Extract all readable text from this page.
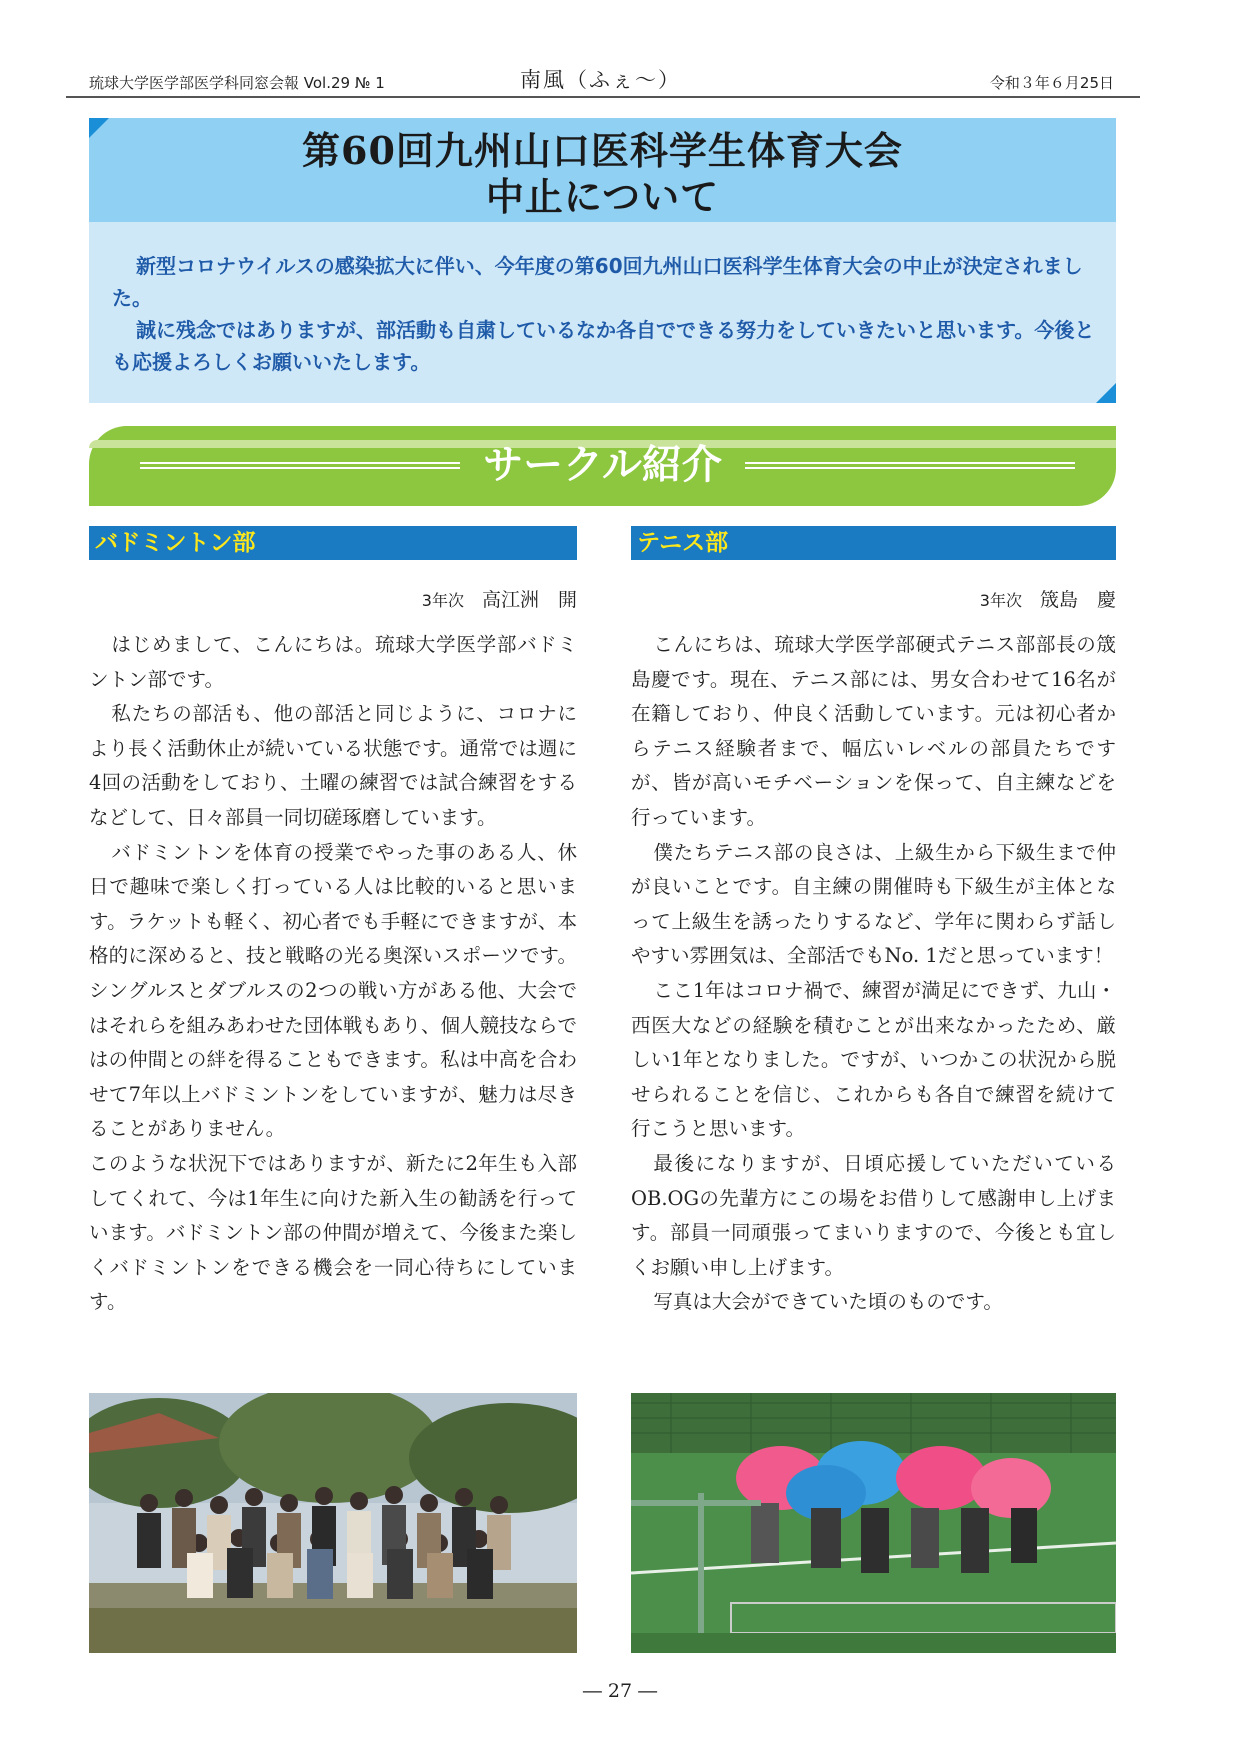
琉球大学医学部医学科同窓会報 Vol.29 № 1	南風（ふぇ〜）	令和３年６月25日
第60回九州山口医科学生体育大会
中止について

新型コロナウイルスの感染拡大に伴い、今年度の第60回九州山口医科学生体育大会の中止が決定されました。

誠に残念ではありますが、部活動も自粛しているなか各自でできる努力をしていきたいと思います。今後とも応援よろしくお願いいたします。

サークル紹介
バドミントン部
3年次 高江洲　開

はじめまして、こんにちは。琉球大学医学部バドミントン部です。

私たちの部活も、他の部活と同じように、コロナにより長く活動休止が続いている状態です。通常では週に4回の活動をしており、土曜の練習では試合練習をするなどして、日々部員一同切磋琢磨しています。

バドミントンを体育の授業でやった事のある人、休日で趣味で楽しく打っている人は比較的いると思います。ラケットも軽く、初心者でも手軽にできますが、本格的に深めると、技と戦略の光る奥深いスポーツです。シングルスとダブルスの2つの戦い方がある他、大会ではそれらを組みあわせた団体戦もあり、個人競技ならではの仲間との絆を得ることもできます。私は中高を合わせて7年以上バドミントンをしていますが、魅力は尽きることがありません。

このような状況下ではありますが、新たに2年生も入部してくれて、今は1年生に向けた新入生の勧誘を行っています。バドミントン部の仲間が増えて、今後また楽しくバドミントンをできる機会を一同心待ちにしています。

テニス部
3年次 筬島　慶

こんにちは、琉球大学医学部硬式テニス部部長の筬島慶です。現在、テニス部には、男女合わせて16名が在籍しており、仲良く活動しています。元は初心者からテニス経験者まで、幅広いレベルの部員たちですが、皆が高いモチベーションを保って、自主練などを行っています。

僕たちテニス部の良さは、上級生から下級生まで仲が良いことです。自主練の開催時も下級生が主体となって上級生を誘ったりするなど、学年に関わらず話しやすい雰囲気は、全部活でもNo. 1だと思っています！

ここ1年はコロナ禍で、練習が満足にできず、九山・西医大などの経験を積むことが出来なかったため、厳しい1年となりました。ですが、いつかこの状況から脱せられることを信じ、これからも各自で練習を続けて行こうと思います。

最後になりますが、日頃応援していただいているOB.OGの先輩方にこの場をお借りして感謝申し上げます。部員一同頑張ってまいりますので、今後とも宜しくお願い申し上げます。

写真は大会ができていた頃のものです。

― 27 ―
